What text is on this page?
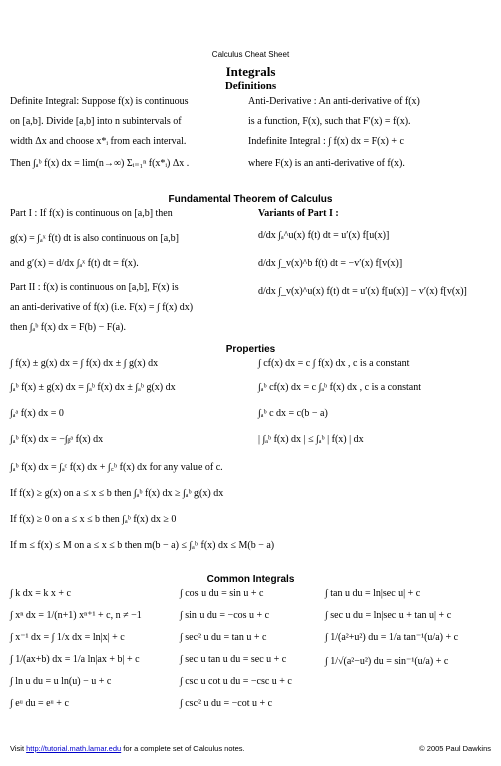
Calculus Cheat Sheet
Integrals
Definitions
Definite Integral: Suppose f(x) is continuous
on [a,b]. Divide [a,b] into n subintervals of
width Δx and choose x*ᵢ from each interval.
Then ∫ₐᵇ f(x) dx = lim(n→∞) Σᵢ₌₁ⁿ f(x*ᵢ) Δx .
Anti-Derivative : An anti-derivative of f(x)
is a function, F(x), such that F′(x) = f(x).
Indefinite Integral : ∫ f(x) dx = F(x) + c
where F(x) is an anti-derivative of f(x).
Fundamental Theorem of Calculus
Part I : If f(x) is continuous on [a,b] then
g(x) = ∫ₐˣ f(t) dt is also continuous on [a,b]
and g′(x) = d/dx ∫ₐˣ f(t) dt = f(x).
Part II : f(x) is continuous on [a,b], F(x) is
an anti-derivative of f(x) (i.e. F(x) = ∫ f(x) dx)
then ∫ₐᵇ f(x) dx = F(b) − F(a).
Variants of Part I :
d/dx ∫ₐ^u(x) f(t) dt = u′(x) f[u(x)]
d/dx ∫_v(x)^b f(t) dt = −v′(x) f[v(x)]
d/dx ∫_v(x)^u(x) f(t) dt = u′(x) f[u(x)] − v′(x) f[v(x)]
Properties
∫ f(x) ± g(x) dx = ∫ f(x) dx ± ∫ g(x) dx	∫ cf(x) dx = c ∫ f(x) dx , c is a constant
∫ₐᵇ f(x) ± g(x) dx = ∫ₐᵇ f(x) dx ± ∫ₐᵇ g(x) dx	∫ₐᵇ cf(x) dx = c ∫ₐᵇ f(x) dx , c is a constant
∫ₐᵃ f(x) dx = 0	∫ₐᵇ c dx = c(b − a)
∫ₐᵇ f(x) dx = −∫ᵦᵃ f(x) dx	| ∫ₐᵇ f(x) dx | ≤ ∫ₐᵇ | f(x) | dx
∫ₐᵇ f(x) dx = ∫ₐᶜ f(x) dx + ∫꜀ᵇ f(x) dx for any value of c.
If f(x) ≥ g(x) on a ≤ x ≤ b then ∫ₐᵇ f(x) dx ≥ ∫ₐᵇ g(x) dx
If f(x) ≥ 0 on a ≤ x ≤ b then ∫ₐᵇ f(x) dx ≥ 0
If m ≤ f(x) ≤ M on a ≤ x ≤ b then m(b − a) ≤ ∫ₐᵇ f(x) dx ≤ M(b − a)
Common Integrals
∫ k dx = k x + c
∫ xⁿ dx = 1/(n+1) xⁿ⁺¹ + c, n ≠ −1
∫ x⁻¹ dx = ∫ 1/x dx = ln|x| + c
∫ 1/(ax+b) dx = 1/a ln|ax + b| + c
∫ ln u du = u ln(u) − u + c
∫ eᵘ du = eᵘ + c
∫ cos u du = sin u + c
∫ sin u du = −cos u + c
∫ sec² u du = tan u + c
∫ sec u tan u du = sec u + c
∫ csc u cot u du = −csc u + c
∫ csc² u du = −cot u + c
∫ tan u du = ln|sec u| + c
∫ sec u du = ln|sec u + tan u| + c
∫ 1/(a²+u²) du = 1/a tan⁻¹(u/a) + c
∫ 1/√(a²−u²) du = sin⁻¹(u/a) + c
Visit http://tutorial.math.lamar.edu for a complete set of Calculus notes.	© 2005 Paul Dawkins
